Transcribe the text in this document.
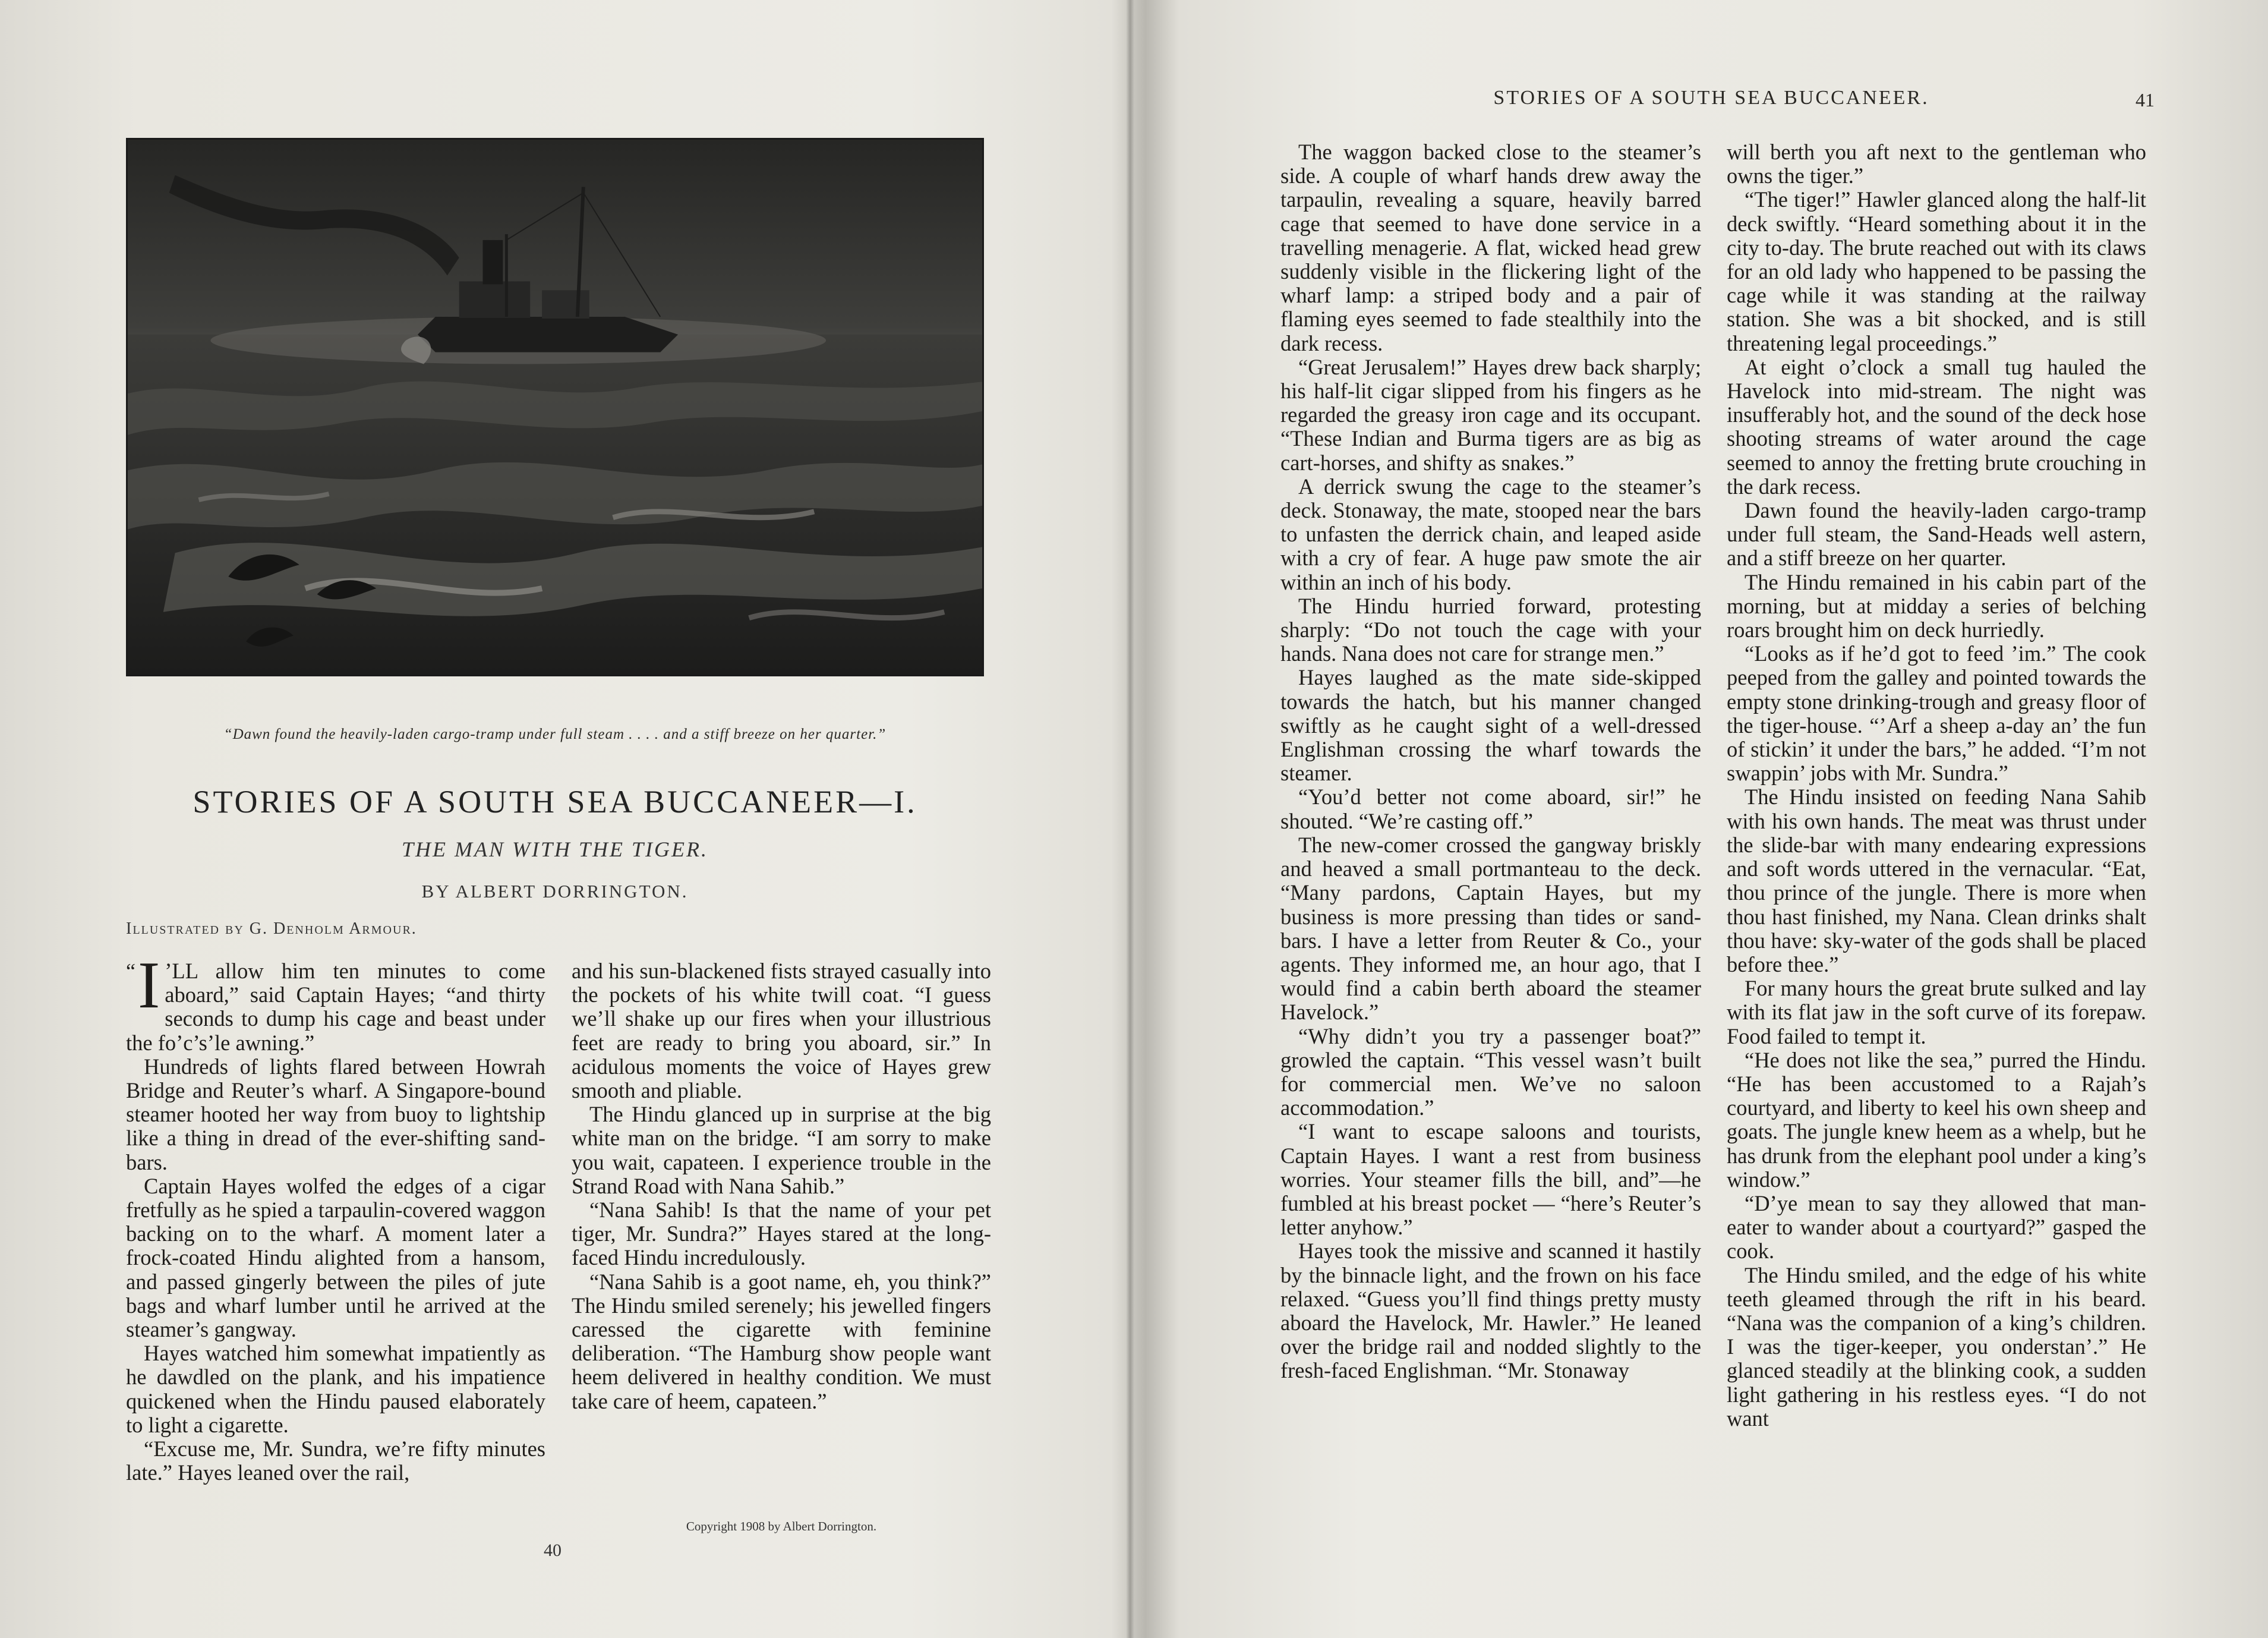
“Dawn found the heavily-laden cargo-tramp under full steam . . . . and a stiff breeze on her quarter.”
STORIES OF A SOUTH SEA BUCCANEER—I.
THE MAN WITH THE TIGER.
BY ALBERT DORRINGTON.
Illustrated by G. Denholm Armour.

“ I ’LL allow him ten minutes to come aboard,” said Captain Hayes; “and thirty seconds to dump his cage and beast under the fo’c’s’le awning.”

Hundreds of lights flared between Howrah Bridge and Reuter’s wharf. A Singapore-bound steamer hooted her way from buoy to lightship like a thing in dread of the ever-shifting sand-bars.

Captain Hayes wolfed the edges of a cigar fretfully as he spied a tarpaulin-covered waggon backing on to the wharf. A moment later a frock-coated Hindu alighted from a hansom, and passed gingerly between the piles of jute bags and wharf lumber until he arrived at the steamer’s gangway.

Hayes watched him somewhat impatiently as he dawdled on the plank, and his impatience quickened when the Hindu paused elaborately to light a cigarette.

“Excuse me, Mr. Sundra, we’re fifty minutes late.” Hayes leaned over the rail,

and his sun-blackened fists strayed casually into the pockets of his white twill coat. “I guess we’ll shake up our fires when your illustrious feet are ready to bring you aboard, sir.” In acidulous moments the voice of Hayes grew smooth and pliable.

The Hindu glanced up in surprise at the big white man on the bridge. “I am sorry to make you wait, capateen. I experience trouble in the Strand Road with Nana Sahib.”

“Nana Sahib! Is that the name of your pet tiger, Mr. Sundra?” Hayes stared at the long-faced Hindu incredulously.

“Nana Sahib is a goot name, eh, you think?” The Hindu smiled serenely; his jewelled fingers caressed the cigarette with feminine deliberation. “The Hamburg show people want heem delivered in healthy condition. We must take care of heem, capateen.”

Copyright 1908 by Albert Dorrington.
40
STORIES OF A SOUTH SEA BUCCANEER.	41

The waggon backed close to the steamer’s side. A couple of wharf hands drew away the tarpaulin, revealing a square, heavily barred cage that seemed to have done service in a travelling menagerie. A flat, wicked head grew suddenly visible in the flickering light of the wharf lamp: a striped body and a pair of flaming eyes seemed to fade stealthily into the dark recess.

“Great Jerusalem!” Hayes drew back sharply; his half-lit cigar slipped from his fingers as he regarded the greasy iron cage and its occupant. “These Indian and Burma tigers are as big as cart-horses, and shifty as snakes.”

A derrick swung the cage to the steamer’s deck. Stonaway, the mate, stooped near the bars to unfasten the derrick chain, and leaped aside with a cry of fear. A huge paw smote the air within an inch of his body.

The Hindu hurried forward, protesting sharply: “Do not touch the cage with your hands. Nana does not care for strange men.”

Hayes laughed as the mate side-skipped towards the hatch, but his manner changed swiftly as he caught sight of a well-dressed Englishman crossing the wharf towards the steamer.

“You’d better not come aboard, sir!” he shouted. “We’re casting off.”

The new-comer crossed the gangway briskly and heaved a small portmanteau to the deck. “Many pardons, Captain Hayes, but my business is more pressing than tides or sand-bars. I have a letter from Reuter & Co., your agents. They informed me, an hour ago, that I would find a cabin berth aboard the steamer Havelock.”

“Why didn’t you try a passenger boat?” growled the captain. “This vessel wasn’t built for commercial men. We’ve no saloon accommodation.”

“I want to escape saloons and tourists, Captain Hayes. I want a rest from business worries. Your steamer fills the bill, and”—he fumbled at his breast pocket — “here’s Reuter’s letter anyhow.”

Hayes took the missive and scanned it hastily by the binnacle light, and the frown on his face relaxed. “Guess you’ll find things pretty musty aboard the Havelock, Mr. Hawler.” He leaned over the bridge rail and nodded slightly to the fresh-faced Englishman. “Mr. Stonaway

will berth you aft next to the gentleman who owns the tiger.”

“The tiger!” Hawler glanced along the half-lit deck swiftly. “Heard something about it in the city to-day. The brute reached out with its claws for an old lady who happened to be passing the cage while it was standing at the railway station. She was a bit shocked, and is still threatening legal proceedings.”

At eight o’clock a small tug hauled the Havelock into mid-stream. The night was insufferably hot, and the sound of the deck hose shooting streams of water around the cage seemed to annoy the fretting brute crouching in the dark recess.

Dawn found the heavily-laden cargo-tramp under full steam, the Sand-Heads well astern, and a stiff breeze on her quarter.

The Hindu remained in his cabin part of the morning, but at midday a series of belching roars brought him on deck hurriedly.

“Looks as if he’d got to feed ’im.” The cook peeped from the galley and pointed towards the empty stone drinking-trough and greasy floor of the tiger-house. “’Arf a sheep a-day an’ the fun of stickin’ it under the bars,” he added. “I’m not swappin’ jobs with Mr. Sundra.”

The Hindu insisted on feeding Nana Sahib with his own hands. The meat was thrust under the slide-bar with many endearing expressions and soft words uttered in the vernacular. “Eat, thou prince of the jungle. There is more when thou hast finished, my Nana. Clean drinks shalt thou have: sky-water of the gods shall be placed before thee.”

For many hours the great brute sulked and lay with its flat jaw in the soft curve of its forepaw. Food failed to tempt it.

“He does not like the sea,” purred the Hindu. “He has been accustomed to a Rajah’s courtyard, and liberty to keel his own sheep and goats. The jungle knew heem as a whelp, but he has drunk from the elephant pool under a king’s window.”

“D’ye mean to say they allowed that man-eater to wander about a courtyard?” gasped the cook.

The Hindu smiled, and the edge of his white teeth gleamed through the rift in his beard. “Nana was the companion of a king’s children. I was the tiger-keeper, you onderstan’.” He glanced steadily at the blinking cook, a sudden light gathering in his restless eyes. “I do not want
